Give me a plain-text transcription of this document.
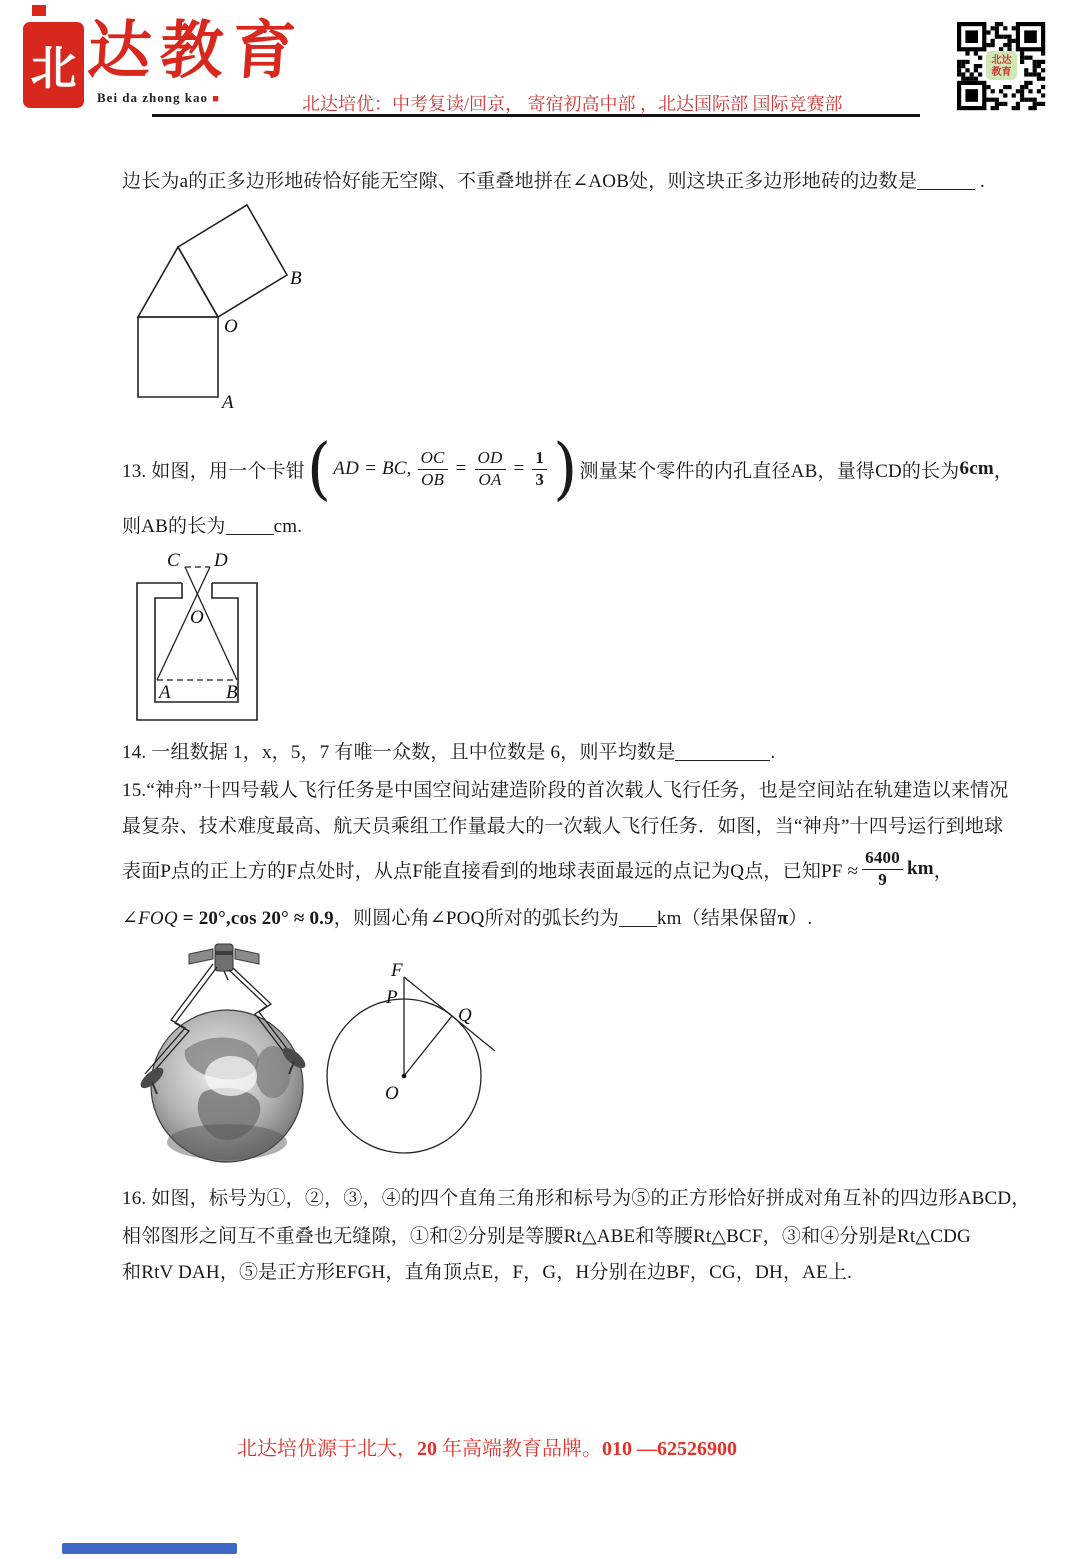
北 达教育
Bei da zhong kao ■	北达培优：中考复读/回京， 寄宿初高中部 ，北达国际部 国际竞赛部
北达
教育
边长为a的正多边形地砖恰好能无空隙、不重叠地拼在∠AOB处，则这块正多边形地砖的边数是	.
O
A
B
13. 如图，用一个卡钳 ( AD = BC, $\frac{OC}{OB} = \frac{OD}{OA} = \frac{1}{3}$ ) 测量某个零件的内孔直径AB，量得CD的长为 6cm ，
则AB的长为	cm.
C D
O
A	B
14. 一组数据 1，x，5，7 有唯一众数，且中位数是 6，则平均数是	.
15.“神舟”十四号载人飞行任务是中国空间站建造阶段的首次载人飞行任务，也是空间站在轨建造以来情况
最复杂、技术难度最高、航天员乘组工作量最大的一次载人飞行任务．如图，当“神舟”十四号运行到地球
表面P点的正上方的F点处时，从点F能直接看到的地球表面最远的点记为Q点，已知PF ≈ $\frac{6400}{9}$ km ，
∠FOQ = 20°,cos 20° ≈ 0.9，则圆心角∠POQ所对的弧长约为 km（结果保留π）.
F
P
Q
O
16. 如图，标号为①，②，③，④的四个直角三角形和标号为⑤的正方形恰好拼成对角互补的四边形ABCD，
相邻图形之间互不重叠也无缝隙，①和②分别是等腰Rt△ABE和等腰Rt△BCF，③和④分别是Rt△CDG
和RtV DAH，⑤是正方形EFGH，直角顶点E，F，G，H分别在边BF，CG，DH，AE上.
北达培优源于北大，20 年高端教育品牌。010 —62526900
